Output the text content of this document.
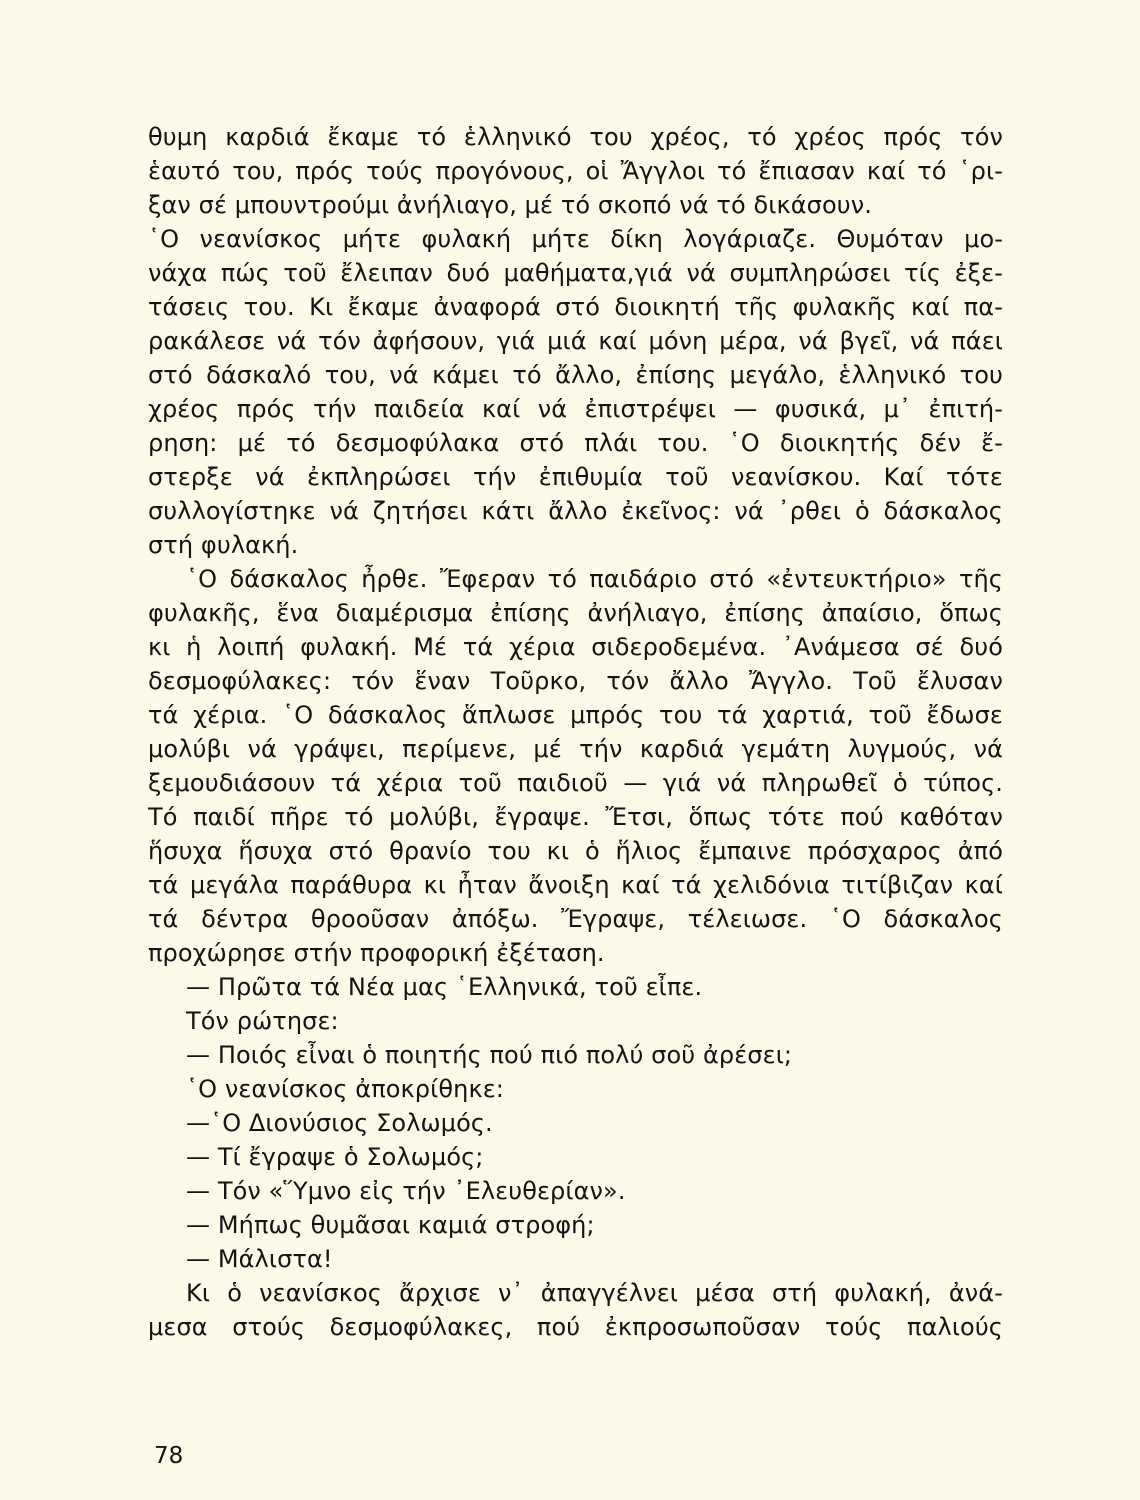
θυμη καρδιά ἔκαμε τό ἑλληνικό του χρέος, τό χρέος πρός τόν
ἑαυτό του, πρός τούς προγόνους, οἱ Ἄγγλοι τό ἔπιασαν καί τό ῾ρι-
ξαν σέ μπουντρούμι ἀνήλιαγο, μέ τό σκοπό νά τό δικάσουν.
῾Ο νεανίσκος μήτε φυλακή μήτε δίκη λογάριαζε. Θυμόταν μο-
νάχα πώς τοῦ ἔλειπαν δυό μαθήματα,γιά νά συμπληρώσει τίς ἐξε-
τάσεις του. Κι ἔκαμε ἀναφορά στό διοικητή τῆς φυλακῆς καί πα-
ρακάλεσε νά τόν ἀφήσουν, γιά μιά καί μόνη μέρα, νά βγεῖ, νά πάει
στό δάσκαλό του, νά κάμει τό ἄλλο, ἐπίσης μεγάλο, ἑλληνικό του
χρέος πρός τήν παιδεία καί νά ἐπιστρέψει — φυσικά, μ᾽ ἐπιτή-
ρηση: μέ τό δεσμοφύλακα στό πλάι του. ῾Ο διοικητής δέν ἔ-
στερξε νά ἐκπληρώσει τήν ἐπιθυμία τοῦ νεανίσκου. Καί τότε
συλλογίστηκε νά ζητήσει κάτι ἄλλο ἐκεῖνος: νά ᾽ρθει ὁ δάσκαλος
στή φυλακή.
῾Ο δάσκαλος ἦρθε. Ἔφεραν τό παιδάριο στό «ἐντευκτήριο» τῆς
φυλακῆς, ἕνα διαμέρισμα ἐπίσης ἀνήλιαγο, ἐπίσης ἀπαίσιο, ὅπως
κι ἡ λοιπή φυλακή. Μέ τά χέρια σιδεροδεμένα. ᾽Ανάμεσα σέ δυό
δεσμοφύλακες: τόν ἕναν Τοῦρκο, τόν ἄλλο Ἄγγλο. Τοῦ ἔλυσαν
τά χέρια. ῾Ο δάσκαλος ἅπλωσε μπρός του τά χαρτιά, τοῦ ἔδωσε
μολύβι νά γράψει, περίμενε, μέ τήν καρδιά γεμάτη λυγμούς, νά
ξεμουδιάσουν τά χέρια τοῦ παιδιοῦ — γιά νά πληρωθεῖ ὁ τύπος.
Τό παιδί πῆρε τό μολύβι, ἔγραψε. Ἔτσι, ὅπως τότε πού καθόταν
ἥσυχα ἥσυχα στό θρανίο του κι ὁ ἥλιος ἔμπαινε πρόσχαρος ἀπό
τά μεγάλα παράθυρα κι ἦταν ἄνοιξη καί τά χελιδόνια τιτίβιζαν καί
τά δέντρα θροοῦσαν ἀπόξω. Ἔγραψε, τέλειωσε. ῾Ο δάσκαλος
προχώρησε στήν προφορική ἐξέταση.
— Πρῶτα τά Νέα μας ῾Ελληνικά, τοῦ εἶπε.
Τόν ρώτησε:
— Ποιός εἶναι ὁ ποιητής πού πιό πολύ σοῦ ἀρέσει;
῾Ο νεανίσκος ἀποκρίθηκε:
—῾Ο Διονύσιος Σολωμός.
— Τί ἔγραψε ὁ Σολωμός;
— Τόν «Ὕμνο εἰς τήν ᾽Ελευθερίαν».
— Μήπως θυμᾶσαι καμιά στροφή;
— Μάλιστα!
Κι ὁ νεανίσκος ἄρχισε ν᾽ ἀπαγγέλνει μέσα στή φυλακή, ἀνά-
μεσα στούς δεσμοφύλακες, πού ἐκπροσωποῦσαν τούς παλιούς
78
